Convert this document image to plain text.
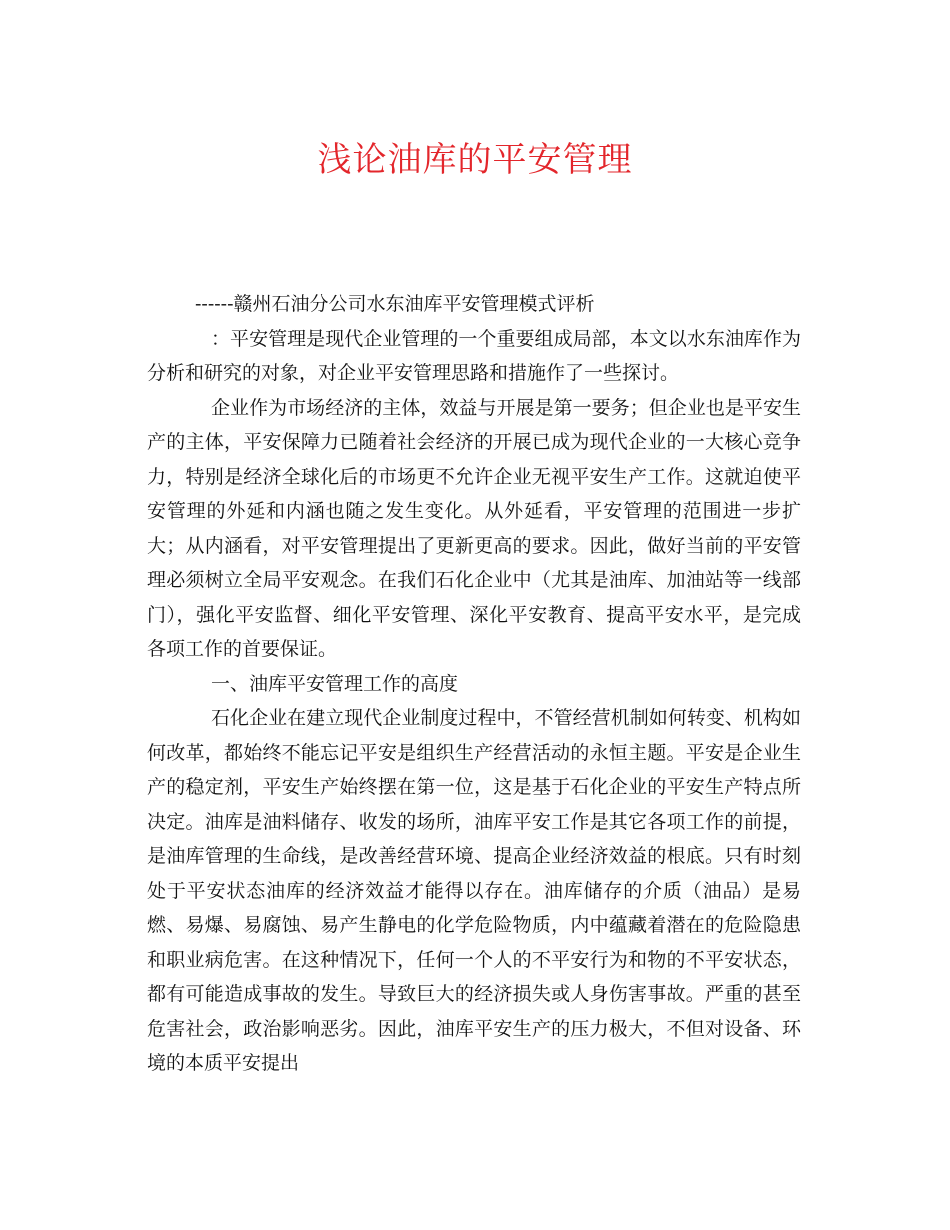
浅论油库的平安管理

------赣州石油分公司水东油库平安管理模式评析

：平安管理是现代企业管理的一个重要组成局部，本文以水东油库作为分析和研究的对象，对企业平安管理思路和措施作了一些探讨。

企业作为市场经济的主体，效益与开展是第一要务；但企业也是平安生产的主体，平安保障力已随着社会经济的开展已成为现代企业的一大核心竞争力，特别是经济全球化后的市场更不允许企业无视平安生产工作。这就迫使平安管理的外延和内涵也随之发生变化。从外延看，平安管理的范围进一步扩大；从内涵看，对平安管理提出了更新更高的要求。因此，做好当前的平安管理必须树立全局平安观念。在我们石化企业中（尤其是油库、加油站等一线部门），强化平安监督、细化平安管理、深化平安教育、提高平安水平，是完成各项工作的首要保证。

一、油库平安管理工作的高度

石化企业在建立现代企业制度过程中，不管经营机制如何转变、机构如何改革，都始终不能忘记平安是组织生产经营活动的永恒主题。平安是企业生产的稳定剂，平安生产始终摆在第一位，这是基于石化企业的平安生产特点所决定。油库是油料储存、收发的场所，油库平安工作是其它各项工作的前提，是油库管理的生命线，是改善经营环境、提高企业经济效益的根底。只有时刻处于平安状态油库的经济效益才能得以存在。油库储存的介质（油品）是易燃、易爆、易腐蚀、易产生静电的化学危险物质，内中蕴藏着潜在的危险隐患和职业病危害。在这种情况下，任何一个人的不平安行为和物的不平安状态，都有可能造成事故的发生。导致巨大的经济损失或人身伤害事故。严重的甚至危害社会，政治影响恶劣。因此，油库平安生产的压力极大，不但对设备、环境的本质平安提出
